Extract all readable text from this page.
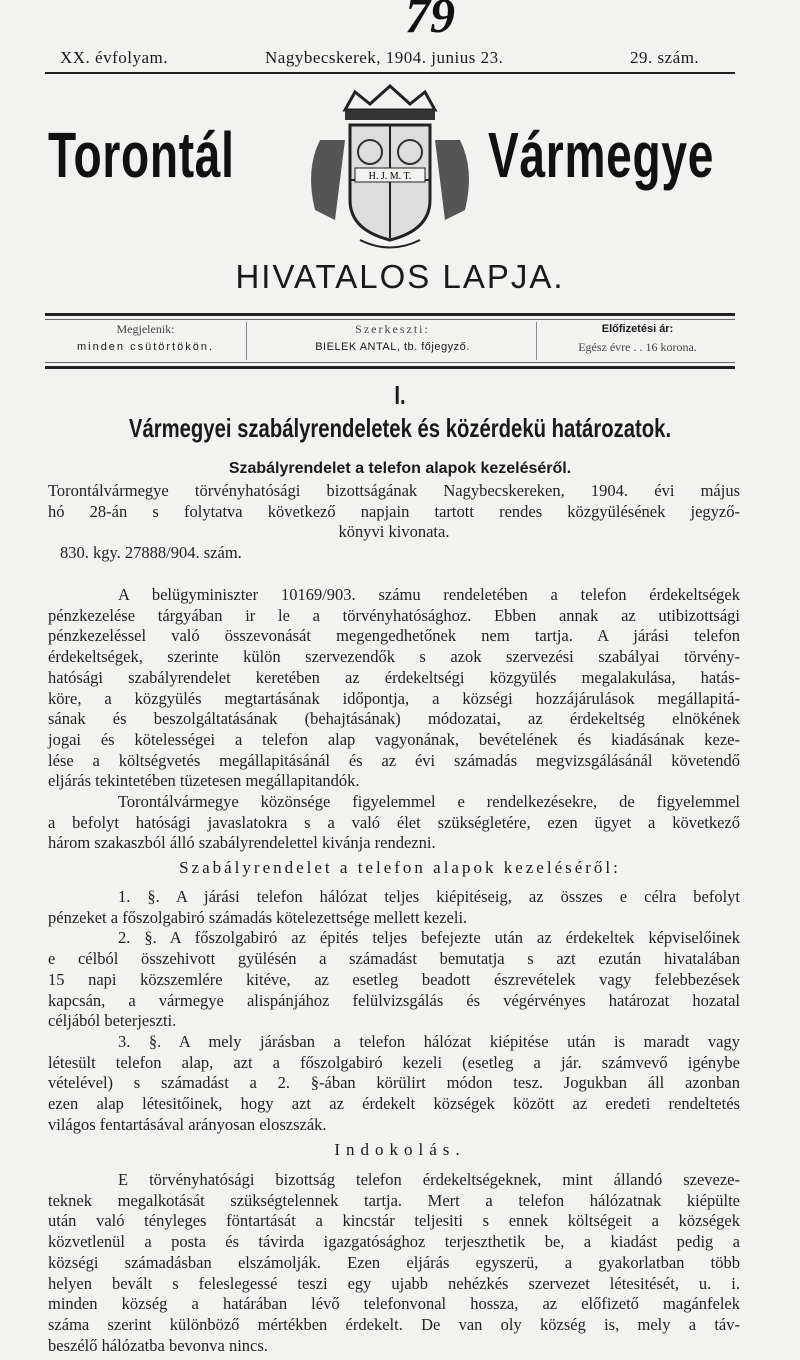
79
XX. évfolyam.	Nagybecskerek, 1904. junius 23.	29. szám.
Torontál	Vármegye
H. J. M. T.
HIVATALOS LAPJA.
Megjelenik:
minden csütörtökön.
Szerkeszti:
BIELEK ANTAL, tb. főjegyző.
Előfizetési ár:
Egész évre . . 16 korona.
I.
Vármegyei szabályrendeletek és közérdekü határozatok.
Szabályrendelet a telefon alapok kezeléséről.
Torontálvármegye törvényhatósági bizottságának Nagybecskereken, 1904. évi május
hó 28-án s folytatva következő napjain tartott rendes közgyülésének jegyző-
könyvi kivonata.
830. kgy. 27888/904. szám.
A belügyminiszter 10169/903. számu rendeletében a telefon érdekeltségek
pénzkezelése tárgyában ir le a törvényhatósághoz. Ebben annak az utibizottsági
pénzkezeléssel való összevonását megengedhetőnek nem tartja. A járási telefon
érdekeltségek, szerinte külön szervezendők s azok szervezési szabályai törvény-
hatósági szabályrendelet keretében az érdekeltségi közgyülés megalakulása, hatás-
köre, a közgyülés megtartásának időpontja, a községi hozzájárulások megállapitá-
sának és beszolgáltatásának (behajtásának) módozatai, az érdekeltség elnökének
jogai és kötelességei a telefon alap vagyonának, bevételének és kiadásának keze-
lése a költségvetés megállapitásánál és az évi számadás megvizsgálásánál követendő
eljárás tekintetében tüzetesen megállapitandók.
Torontálvármegye közönsége figyelemmel e rendelkezésekre, de figyelemmel
a befolyt hatósági javaslatokra s a való élet szükségletére, ezen ügyet a következő
három szakaszból álló szabályrendelettel kivánja rendezni.
Szabályrendelet a telefon alapok kezeléséről:
1. §. A járási telefon hálózat teljes kiépitéseig, az összes e célra befolyt
pénzeket a főszolgabiró számadás kötelezettsége mellett kezeli.
2. §. A főszolgabiró az épités teljes befejezte után az érdekeltek képviselőinek
e célból összehivott gyülésén a számadást bemutatja s azt ezután hivatalában
15 napi közszemlére kitéve, az esetleg beadott észrevételek vagy felebbezések
kapcsán, a vármegye alispánjához felülvizsgálás és végérvényes határozat hozatal
céljából beterjeszti.
3. §. A mely járásban a telefon hálózat kiépitése után is maradt vagy
létesült telefon alap, azt a főszolgabiró kezeli (esetleg a jár. számvevő igénybe
vételével) s számadást a 2. §-ában körülirt módon tesz. Jogukban áll azonban
ezen alap létesitőinek, hogy azt az érdekelt községek között az eredeti rendeltetés
világos fentartásával arányosan eloszszák.
Indokolás.
E törvényhatósági bizottság telefon érdekeltségeknek, mint állandó szeveze-
teknek megalkotását szükségtelennek tartja. Mert a telefon hálózatnak kiépülte
után való tényleges föntartását a kincstár teljesiti s ennek költségeit a községek
közvetlenül a posta és távirda igazgatósághoz terjeszthetik be, a kiadást pedig a
községi számadásban elszámolják. Ezen eljárás egyszerü, a gyakorlatban több
helyen bevált s feleslegessé teszi egy ujabb nehézkés szervezet létesitését, u. i.
minden község a határában lévő telefonvonal hossza, az előfizető magánfelek
száma szerint különböző mértékben érdekelt. De van oly község is, mely a táv-
beszélő hálózatba bevonva nincs.
